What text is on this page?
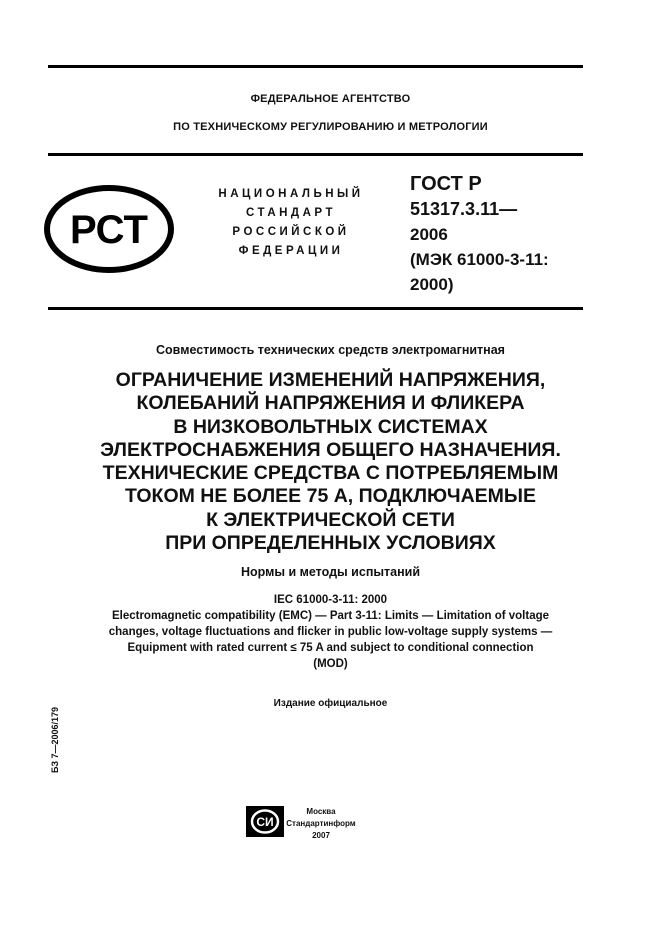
ФЕДЕРАЛЬНОЕ АГЕНТСТВО
ПО ТЕХНИЧЕСКОМУ РЕГУЛИРОВАНИЮ И МЕТРОЛОГИИ
РСТ
НАЦИОНАЛЬНЫЙ
СТАНДАРТ
РОССИЙСКОЙ
ФЕДЕРАЦИИ
ГОСТ Р
51317.3.11—
2006
(МЭК 61000-3-11:
2000)
Совместимость технических средств электромагнитная
ОГРАНИЧЕНИЕ ИЗМЕНЕНИЙ НАПРЯЖЕНИЯ,
КОЛЕБАНИЙ НАПРЯЖЕНИЯ И ФЛИКЕРА
В НИЗКОВОЛЬТНЫХ СИСТЕМАХ
ЭЛЕКТРОСНАБЖЕНИЯ ОБЩЕГО НАЗНАЧЕНИЯ.
ТЕХНИЧЕСКИЕ СРЕДСТВА С ПОТРЕБЛЯЕМЫМ
ТОКОМ НЕ БОЛЕЕ 75 А, ПОДКЛЮЧАЕМЫЕ
К ЭЛЕКТРИЧЕСКОЙ СЕТИ
ПРИ ОПРЕДЕЛЕННЫХ УСЛОВИЯХ
Нормы и методы испытаний
IEC 61000-3-11: 2000
Electromagnetic compatibility (EMC) — Part 3-11: Limits — Limitation of voltage
changes, voltage fluctuations and flicker in public low-voltage supply systems —
Equipment with rated current ≤ 75 A and subject to conditional connection
(MOD)
Издание официальное
БЗ 7—2006/179
СИ
Москва
Стандартинформ
2007
